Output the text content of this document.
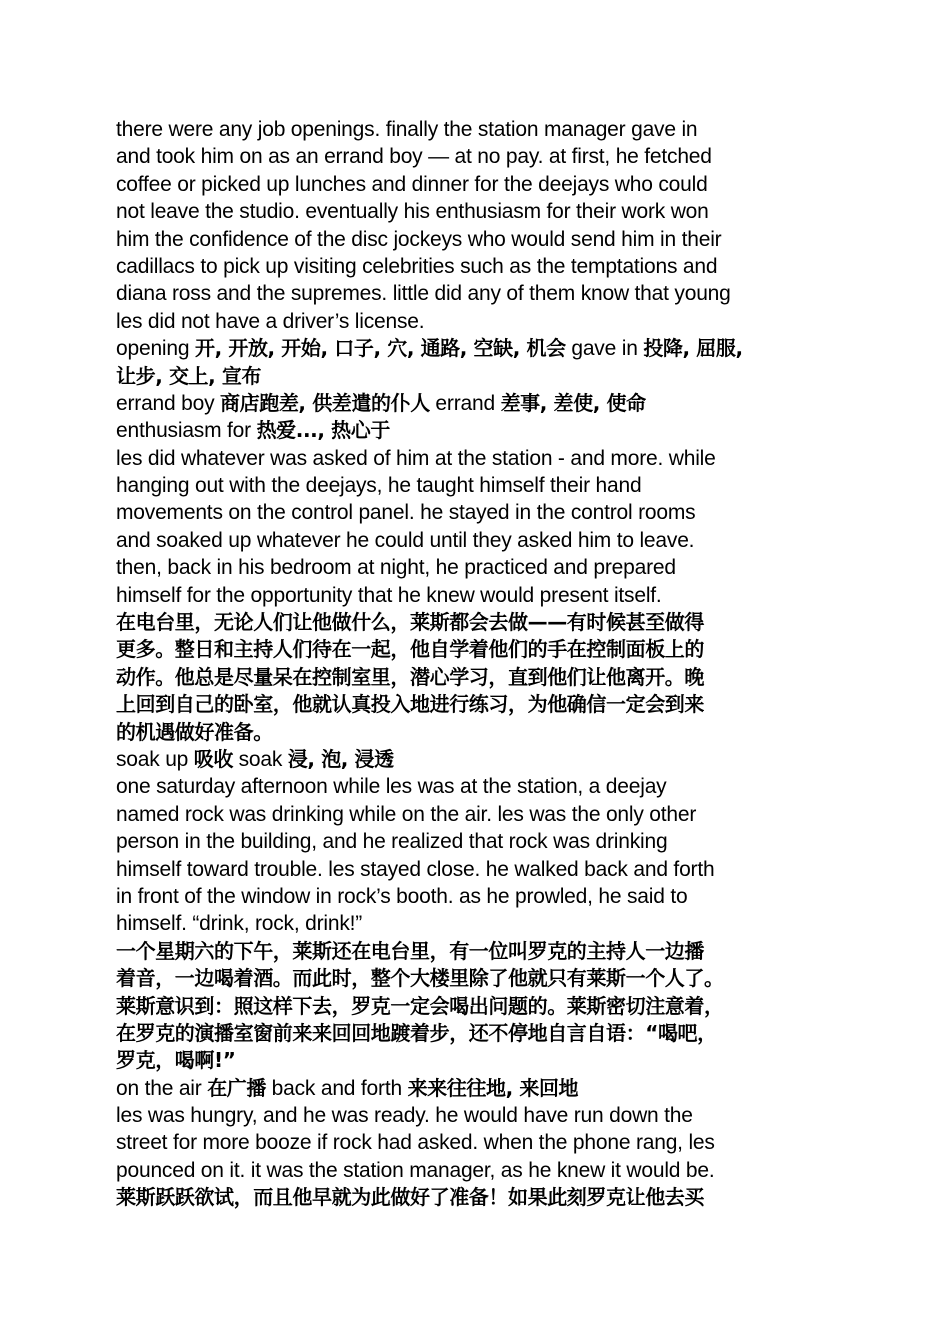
there were any job openings. finally the station manager gave in
and took him on as an errand boy — at no pay. at first, he fetched
coffee or picked up lunches and dinner for the deejays who could
not leave the studio. eventually his enthusiasm for their work won
him the confidence of the disc jockeys who would send him in their
cadillacs to pick up visiting celebrities such as the temptations and
diana ross and the supremes. little did any of them know that young
les did not have a driver’s license.
opening 开, 开放, 开始, 口子, 穴, 通路, 空缺, 机会 gave in 投降, 屈服,
让步, 交上, 宣布
errand boy 商店跑差, 供差遣的仆人 errand 差事, 差使, 使命
enthusiasm for 热爱..., 热心于
les did whatever was asked of him at the station - and more. while
hanging out with the deejays, he taught himself their hand
movements on the control panel. he stayed in the control rooms
and soaked up whatever he could until they asked him to leave.
then, back in his bedroom at night, he practiced and prepared
himself for the opportunity that he knew would present itself.
在电台里，无论人们让他做什么，莱斯都会去做——有时候甚至做得
更多。整日和主持人们待在一起，他自学着他们的手在控制面板上的
动作。他总是尽量呆在控制室里，潜心学习，直到他们让他离开。晚
上回到自己的卧室，他就认真投入地进行练习，为他确信一定会到来
的机遇做好准备。
soak up 吸收 soak 浸, 泡, 浸透
one saturday afternoon while les was at the station, a deejay
named rock was drinking while on the air. les was the only other
person in the building, and he realized that rock was drinking
himself toward trouble. les stayed close. he walked back and forth
in front of the window in rock’s booth. as he prowled, he said to
himself. “drink, rock, drink!”
一个星期六的下午，莱斯还在电台里，有一位叫罗克的主持人一边播
着音，一边喝着酒。而此时，整个大楼里除了他就只有莱斯一个人了。
莱斯意识到：照这样下去，罗克一定会喝出问题的。莱斯密切注意着，
在罗克的演播室窗前来来回回地踱着步，还不停地自言自语：“喝吧，
罗克，喝啊!”
on the air 在广播 back and forth 来来往往地, 来回地
les was hungry, and he was ready. he would have run down the
street for more booze if rock had asked. when the phone rang, les
pounced on it. it was the station manager, as he knew it would be.
莱斯跃跃欲试，而且他早就为此做好了准备！如果此刻罗克让他去买
